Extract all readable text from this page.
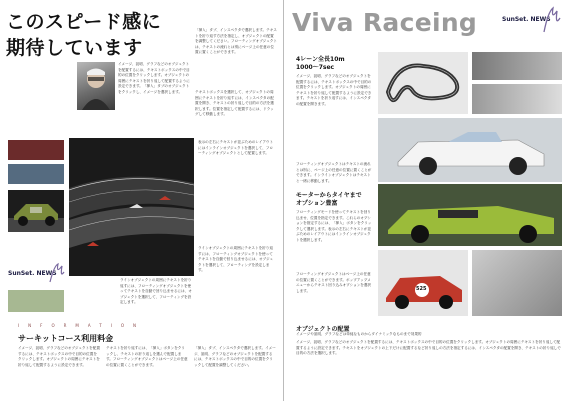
このスピード感に
期待しています
イメージ、説明、グラフなどのオブジェクトを配置するには、テキストボックスの中で目的の位置をクリックします。オブジェクトの周囲にテキストを折り返して配置するように設定できます。「挿入」タブのオブジェクトをクリックし、イメージを選択します。
「挿入」タブ、インスペクタで選択します。テキストを折り返す方法を指定し、オブジェクトの配置を調整してください。フローティングオブジェクトは、テキストの流れとは別にページ上の任意の位置に置くことができます。
テキストボックスを選択して、オブジェクトの周囲にテキストを折り返すには、インスペクタの配置を開き、テキストの折り返しで目的の方法を選択します。位置を指定して配置するには、ドラッグして移動します。
表示の左右にテキストが並ぶためのレイアウトにはインラインオブジェクトを選択して、フローティングオブジェクトとして配置します。
ラインオブジェクトの周囲にテキストを折り返すには、フローティングオブジェクトを使ってテキストを自動で回り込ませるには、オブジェクトを選択して、フローティングを設定します。
ラインオブジェクトの周囲にテキストを折り返すには、フローティングオブジェクトを使ってテキストを自動で回り込ませるには、オブジェクトを選択して、フローティングを設定します。
SunSet. NEWS
INFORMATION
サーキットコース利用料金
イメージ、説明、グラフなどのオブジェクトを配置するには、テキストボックスの中で目的の位置をクリックします。オブジェクトの周囲にテキストを折り返して配置するように設定できます。
テキストを折り返すには、「挿入」ボタンをクリックし、テキストの折り返しを選んで配置します。フローティングオブジェクトはページ上の任意の位置に置くことができます。
「挿入」タブ、インスペクタで選択します。イメージ、説明、グラフなどのオブジェクトを配置するには、テキストボックスの中で目的の位置をクリックして配置を調整してください。
Viva Raceing	SunSet. NEWS
4レーン全長10m
1000〜7sec
イメージ、説明、グラフなどのオブジェクトを配置するには、テキストボックスの中で目的の位置をクリックします。オブジェクトの周囲にテキストを折り返して配置するように設定できます。テキストを折り返すには、インスペクタの配置を開きます。
フローティングオブジェクトはテキストの流れとは別に、ページ上の任意の位置に置くことができます。インラインオブジェクトはテキストと一緒に移動します。
モーターからタイヤまで
オプション豊富
フローティングモードを使ってテキストを回り込ませ、位置を指定できます。これらのオプションを指定するには、「挿入」ボタンをクリックして選択します。表示の左右にテキストが並ぶためのレイアウトにはインラインオブジェクトを選択します。
フローティングオブジェクトはページ上の任意の位置に置くことができます。ポップアップメニューからテキスト回り込みオプションを選択します。	525
オブジェクトの配置
イメージや説明、グラフなどは単純なものからダイナミックなものまで効果的
イメージ、説明、グラフなどのオブジェクトを配置するには、テキストボックスの中で目的の位置をクリックします。オブジェクトの周囲にテキストを折り返して配置するように設定できます。テキストをオブジェクトの上下だけに配置するなど折り返しの方法を指定するには、インスペクタの配置を開き、テキストの折り返しで目的の方法を選択します。
